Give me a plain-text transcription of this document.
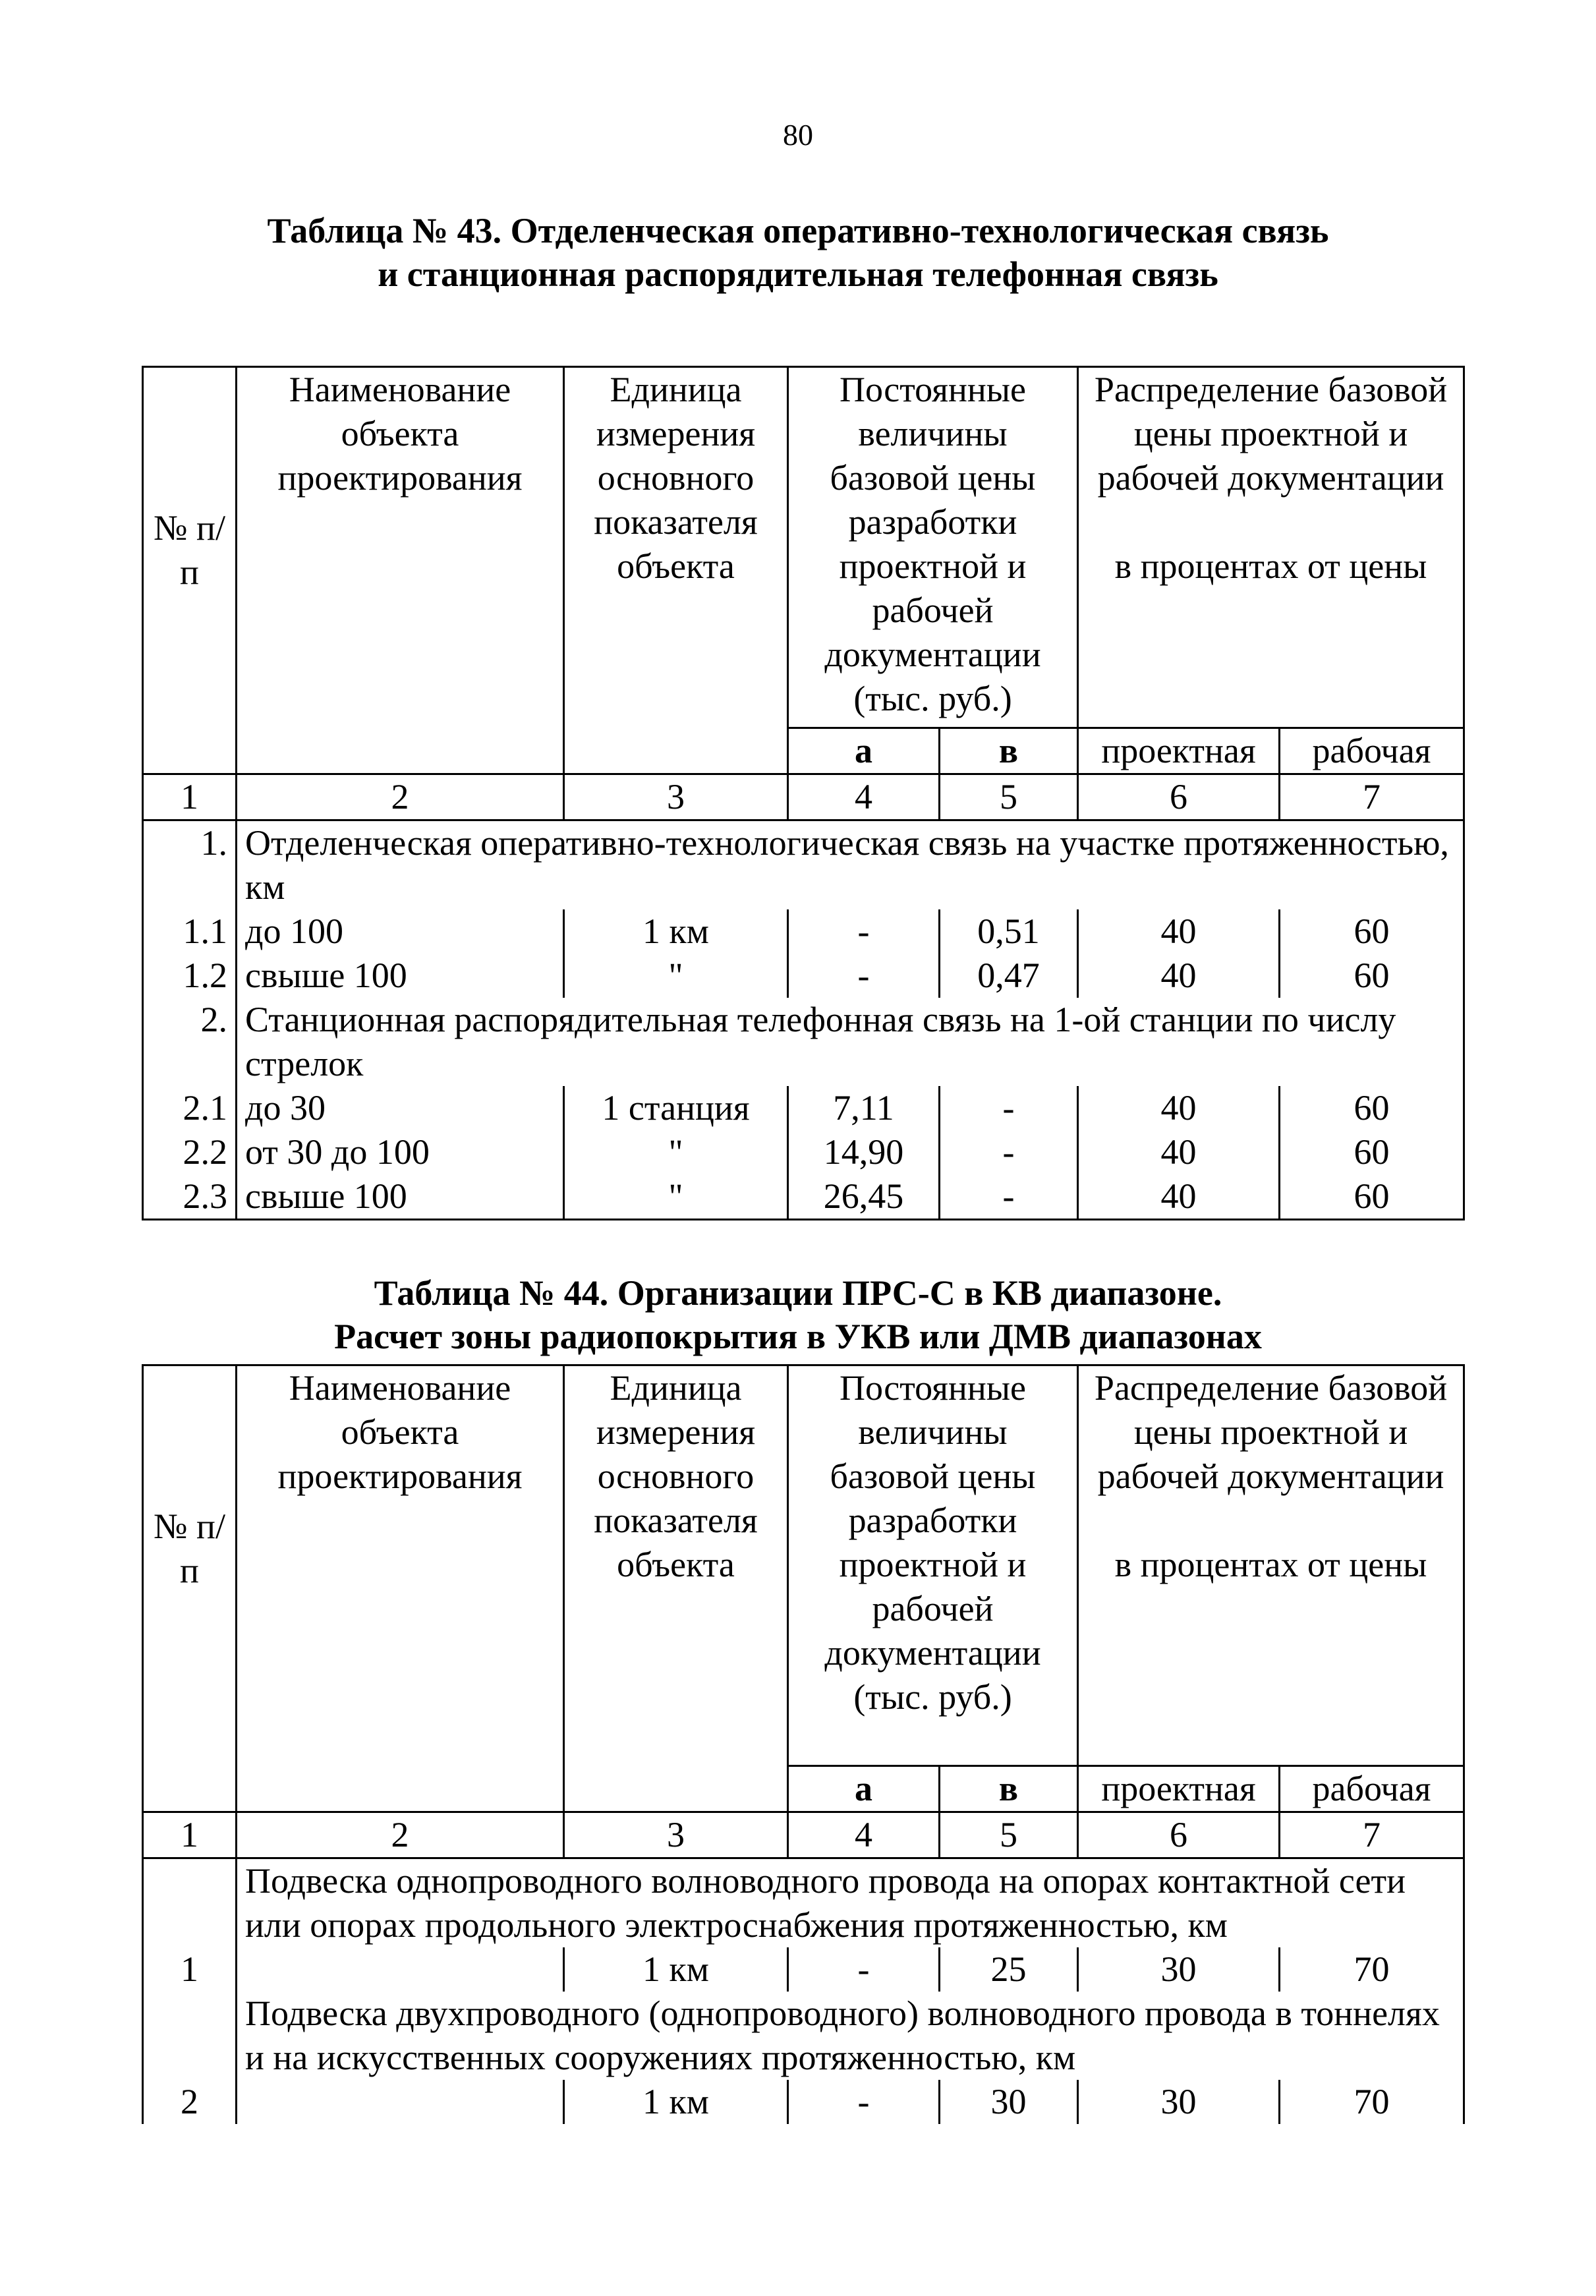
80
Таблица № 43. Отделенческая оперативно-технологическая связь
и станционная распорядительная телефонная связь
№ п/п	Наименование объекта проектирования	Единица измерения основного показателя объекта	Постоянные величины базовой цены разработки проектной и рабочей документации (тыс. руб.)		Распределение базовой цены проектной и рабочей документации
в процентах от цены	

			а	в	проектная	рабочая
1	2	3	4	5	6	7
1.	Отделенческая оперативно-технологическая связь на участке протяженностью, км					
1.1	до 100	1 км	-	0,51	40	60
1.2	свыше 100	"	-	0,47	40	60
2.	Станционная распорядительная телефонная связь на 1-ой станции по числу стрелок					
2.1	до 30	1 станция	7,11	-	40	60
2.2	от 30 до 100	"	14,90	-	40	60
2.3	свыше 100	"	26,45	-	40	60
Таблица № 44. Организации ПРС-С в КВ диапазоне.
Расчет зоны радиопокрытия в УКВ или ДМВ диапазонах
№ п/п	Наименование объекта проектирования	Единица измерения основного показателя объекта	Постоянные величины базовой цены разработки проектной и рабочей документации (тыс. руб.)		Распределение базовой цены проектной и рабочей документации
в процентах от цены	

			а	в	проектная	рабочая
1	2	3	4	5	6	7
1	Подвеска однопроводного волноводного провода на опорах контактной сети или опорах продольного электроснабжения протяженностью, км					
		1 км	-	25	30	70
2	Подвеска двухпроводного (однопроводного) волноводного провода в тоннелях и на искусственных сооружениях протяженностью, км					
		1 км	-	30	30	70
